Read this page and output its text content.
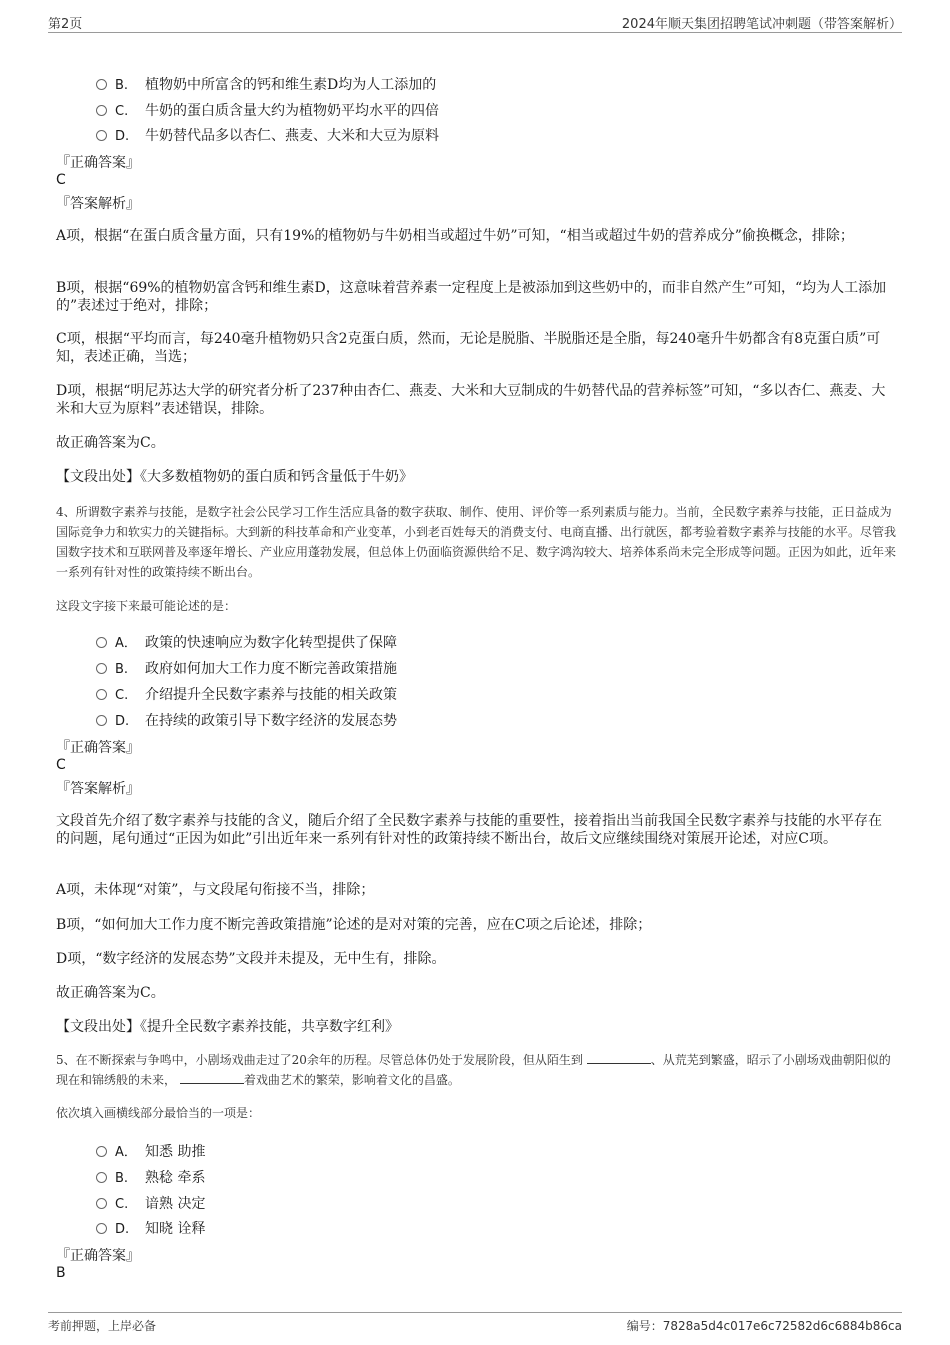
第2页	2024年顺天集团招聘笔试冲刺题（带答案解析）
B. 植物奶中所富含的钙和维生素D均为人工添加的
C. 牛奶的蛋白质含量大约为植物奶平均水平的四倍
D. 牛奶替代品多以杏仁、燕麦、大米和大豆为原料
『正确答案』
C
『答案解析』
A项，根据“在蛋白质含量方面，只有19%的植物奶与牛奶相当或超过牛奶”可知，“相当或超过牛奶的营养成分”偷换概念，排除；
B项，根据“69%的植物奶富含钙和维生素D，这意味着营养素一定程度上是被添加到这些奶中的，而非自然产生”可知，“均为人工添加的”表述过于绝对，排除；
C项，根据“平均而言，每240毫升植物奶只含2克蛋白质，然而，无论是脱脂、半脱脂还是全脂，每240毫升牛奶都含有8克蛋白质”可知，表述正确，当选；
D项，根据“明尼苏达大学的研究者分析了237种由杏仁、燕麦、大米和大豆制成的牛奶替代品的营养标签”可知，“多以杏仁、燕麦、大米和大豆为原料”表述错误，排除。
故正确答案为C。
【文段出处】《大多数植物奶的蛋白质和钙含量低于牛奶》
4、所谓数字素养与技能，是数字社会公民学习工作生活应具备的数字获取、制作、使用、评价等一系列素质与能力。当前，全民数字素养与技能，正日益成为国际竞争力和软实力的关键指标。大到新的科技革命和产业变革，小到老百姓每天的消费支付、电商直播、出行就医，都考验着数字素养与技能的水平。尽管我国数字技术和互联网普及率逐年增长、产业应用蓬勃发展，但总体上仍面临资源供给不足、数字鸿沟较大、培养体系尚未完全形成等问题。正因为如此，近年来一系列有针对性的政策持续不断出台。
这段文字接下来最可能论述的是：
A． 政策的快速响应为数字化转型提供了保障
B. 政府如何加大工作力度不断完善政策措施
C. 介绍提升全民数字素养与技能的相关政策
D. 在持续的政策引导下数字经济的发展态势
『正确答案』
C
『答案解析』
文段首先介绍了数字素养与技能的含义，随后介绍了全民数字素养与技能的重要性，接着指出当前我国全民数字素养与技能的水平存在的问题，尾句通过“正因为如此”引出近年来一系列有针对性的政策持续不断出台，故后文应继续围绕对策展开论述，对应C项。
A项，未体现“对策”，与文段尾句衔接不当，排除；
B项，“如何加大工作力度不断完善政策措施”论述的是对对策的完善，应在C项之后论述，排除；
D项，“数字经济的发展态势”文段并未提及，无中生有，排除。
故正确答案为C。
【文段出处】《提升全民数字素养技能，共享数字红利》
5、在不断探索与争鸣中，小剧场戏曲走过了20余年的历程。尽管总体仍处于发展阶段，但从陌生到	、从荒芜到繁盛，昭示了小剧场戏曲朝阳似的现在和锦绣般的未来，	着戏曲艺术的繁荣，影响着文化的昌盛。
依次填入画横线部分最恰当的一项是：
A． 知悉 助推
B. 熟稔 牵系
C. 谙熟 决定
D. 知晓 诠释
『正确答案』
B
考前押题，上岸必备	编号：7828a5d4c017e6c72582d6c6884b86ca
